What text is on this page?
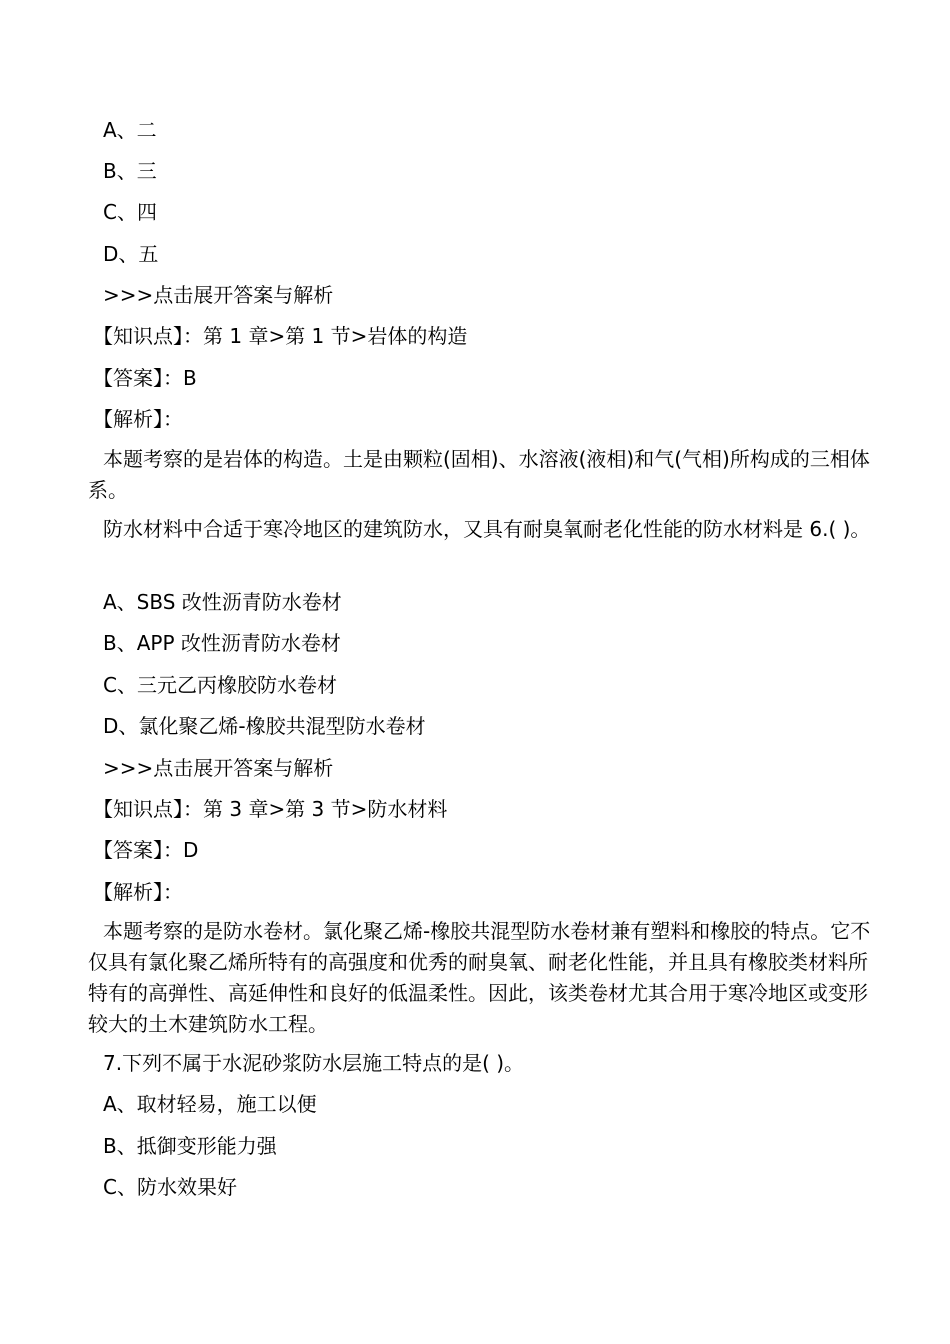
A、二
B、三
C、四
D、五
>>>点击展开答案与解析
【知识点】：第 1 章>第 1 节>岩体的构造
【答案】：B
【解析】：
本题考察的是岩体的构造。土是由颗粒(固相)、水溶液(液相)和气(气相)所构成的三相体系。
防水材料中合适于寒冷地区的建筑防水，又具有耐臭氧耐老化性能的防水材料是 6.( )。
A、SBS 改性沥青防水卷材
B、APP 改性沥青防水卷材
C、三元乙丙橡胶防水卷材
D、氯化聚乙烯-橡胶共混型防水卷材
>>>点击展开答案与解析
【知识点】：第 3 章>第 3 节>防水材料
【答案】：D
【解析】：
本题考察的是防水卷材。氯化聚乙烯-橡胶共混型防水卷材兼有塑料和橡胶的特点。它不仅具有氯化聚乙烯所特有的高强度和优秀的耐臭氧、耐老化性能，并且具有橡胶类材料所特有的高弹性、高延伸性和良好的低温柔性。因此，该类卷材尤其合用于寒冷地区或变形较大的土木建筑防水工程。
7.下列不属于水泥砂浆防水层施工特点的是( )。
A、取材轻易，施工以便
B、抵御变形能力强
C、防水效果好
